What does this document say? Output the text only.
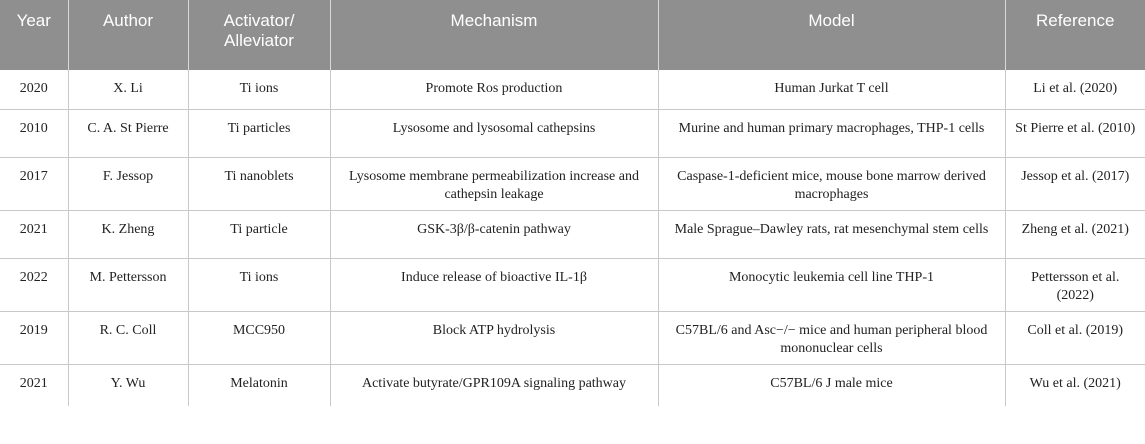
Year	Author	Activator/ Alleviator	Mechanism	Model	Reference
2020	X. Li	Ti ions	Promote Ros production	Human Jurkat T cell	Li et al. (2020)
2010	C. A. St Pierre	Ti particles	Lysosome and lysosomal cathepsins	Murine and human primary macrophages, THP-1 cells	St Pierre et al. (2010)
2017	F. Jessop	Ti nanoblets	Lysosome membrane permeabilization increase and cathepsin leakage	Caspase-1-deficient mice, mouse bone marrow derived macrophages	Jessop et al. (2017)
2021	K. Zheng	Ti particle	GSK-3β/β-catenin pathway	Male Sprague–Dawley rats, rat mesenchymal stem cells	Zheng et al. (2021)
2022	M. Pettersson	Ti ions	Induce release of bioactive IL-1β	Monocytic leukemia cell line THP-1	Pettersson et al. (2022)
2019	R. C. Coll	MCC950	Block ATP hydrolysis	C57BL/6 and Asc−/− mice and human peripheral blood mononuclear cells	Coll et al. (2019)
2021	Y. Wu	Melatonin	Activate butyrate/GPR109A signaling pathway	C57BL/6 J male mice	Wu et al. (2021)
